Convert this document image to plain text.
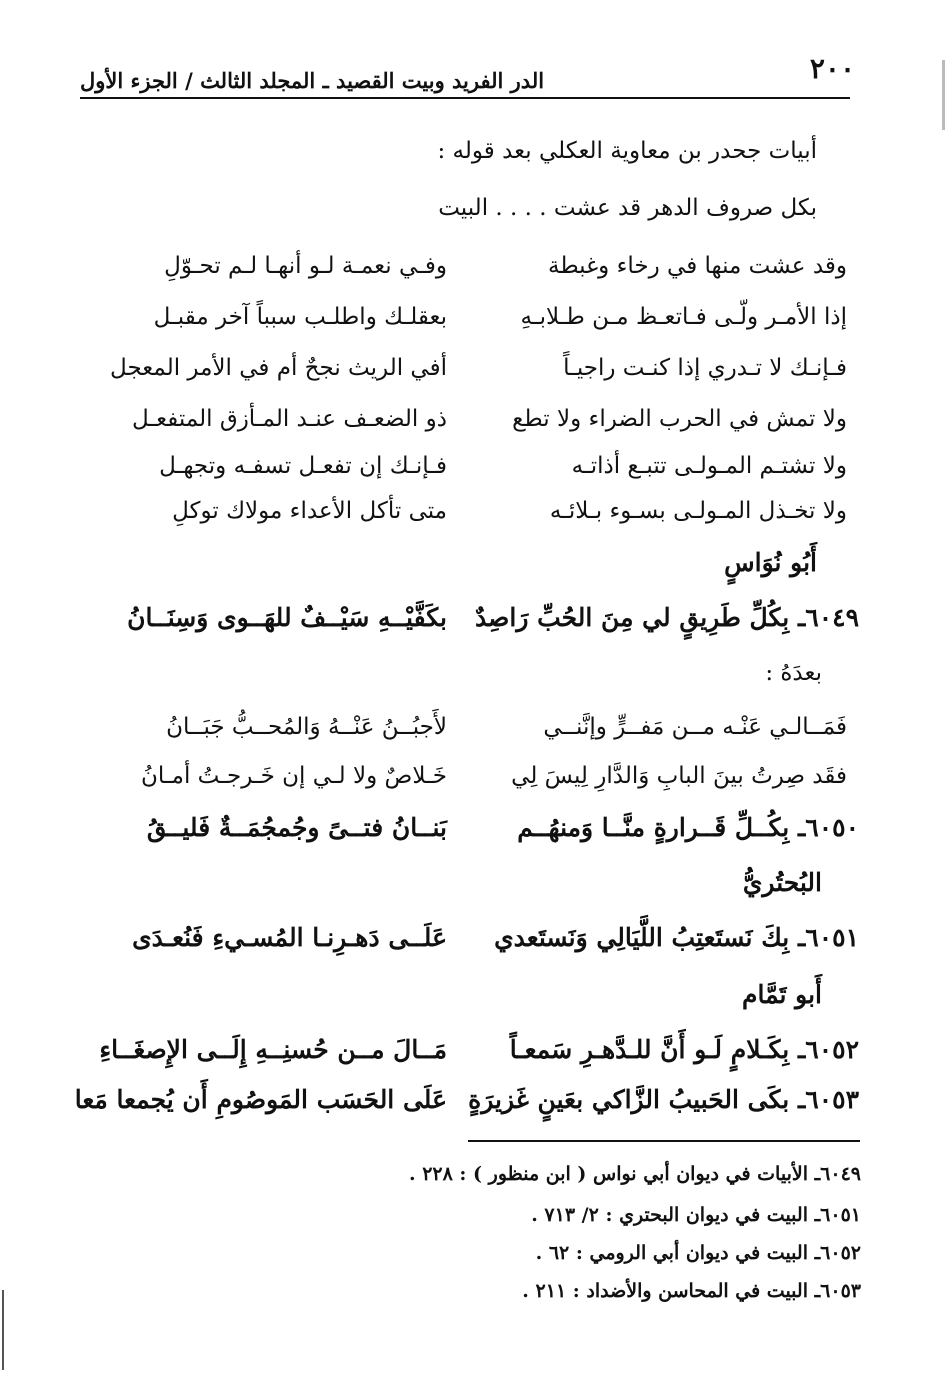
٢٠٠
الدر الفريد وبيت القصيد ـ المجلد الثالث / الجزء الأول
أبيات جحدر بن معاوية العكلي بعد قوله :
بكل صروف الدهر قد عشت . . . . البيت
وقد عشت منها في رخاء وغبطة
وفـي نعمـة لـو أنهـا لـم تحـوّلِ
إذا الأمـر ولّـى فـاتعـظ مـن طـلابـهِ
بعقلـك واطلـب سبباً آخر مقبـل
فـإنـك لا تـدري إذا كنـت راجيـاً
أفي الريث نجحٌ أم في الأمر المعجل
ولا تمش في الحرب الضراء ولا تطع
ذو الضعـف عنـد المـأزق المتفعـل
ولا تشتـم المـولـى تتبـع أذاتـه
فـإنـك إن تفعـل تسفـه وتجهـل
ولا تخـذل المـولـى بسـوء بـلائـه
متى تأكل الأعداء مولاك توكلِ
أَبُو نُوَاسٍ
٦٠٤٩ـ بِكُلِّ طَرِيقٍ لي مِنَ الحُبِّ رَاصِدٌ
بكَفَّيْــهِ سَيْــفٌ للهَــوى وَسِنَــانُ
بعدَهُ :
فَمَــالـي عَنْـه مــن مَفــرٍّ وإنَّنــي
لأَجبُــنُ عَنْــهُ وَالمُحــبُّ جَبَــانُ
فقَد صِرتُ بينَ البابِ وَالدَّارِ لِيسَ لِي
خَـلاصٌ ولا لـي إن خَـرجـتُ أمـانُ
٦٠٥٠ـ بِكُــلِّ قَــرارةٍ منَّــا وَمنهُــم
بَنــانُ فتــىً وجُمجُمَــةٌ فَليــقُ
البُحتُريُّ
٦٠٥١ـ بِكَ نَستَعتِبُ اللَّيَالِي وَنَستَعدي
عَلَــى دَهـرِنـا المُسـيءِ فَنُعـدَى
أَبو تَمَّام
٦٠٥٢ـ بِكَـلامٍ لَـو أَنَّ للـدَّهـرِ سَمعـاً
مَــالَ مــن حُسنِــهِ إِلَــى الإِصغَــاءِ
٦٠٥٣ـ بكَى الحَبيبُ الزَّاكي بعَينٍ غَزيرَةٍ
عَلَى الحَسَب المَوصُومِ أَن يُجمعا مَعا
٦٠٤٩ـ الأبيات في ديوان أبي نواس ( ابن منظور ) : ٢٢٨ .
٦٠٥١ـ البيت في ديوان البحتري : ٢/ ٧١٣ .
٦٠٥٢ـ البيت في ديوان أبي الرومي : ٦٢ .
٦٠٥٣ـ البيت في المحاسن والأضداد : ٢١١ .
